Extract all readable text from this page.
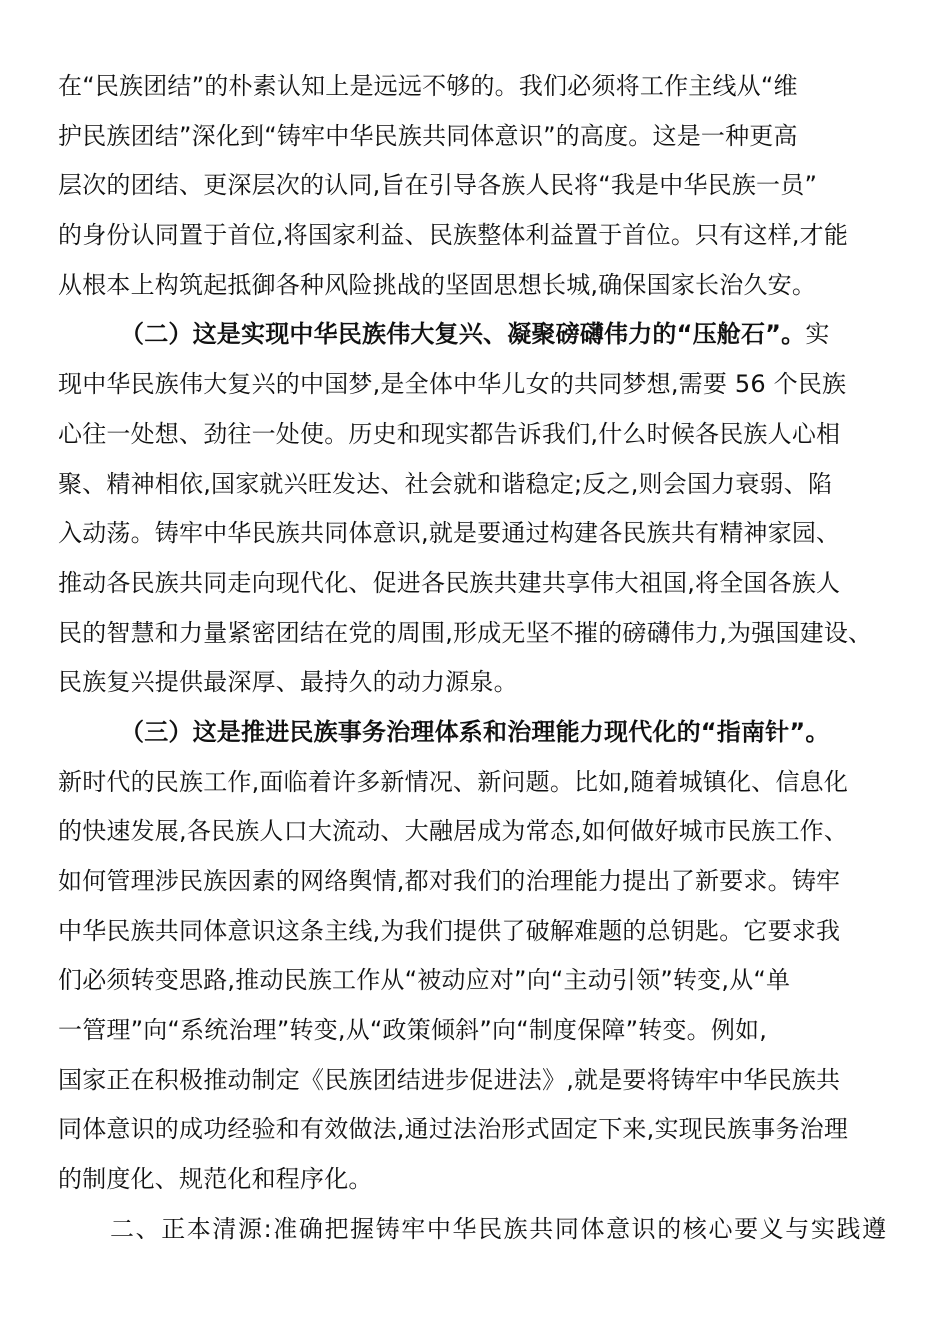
在“民族团结”的朴素认知上是远远不够的。我们必须将工作主线从“维
护民族团结”深化到“铸牢中华民族共同体意识”的高度。这是一种更高
层次的团结、更深层次的认同,旨在引导各族人民将“我是中华民族一员”
的身份认同置于首位,将国家利益、民族整体利益置于首位。只有这样,才能
从根本上构筑起抵御各种风险挑战的坚固思想长城,确保国家长治久安。
（二）这是实现中华民族伟大复兴、凝聚磅礴伟力的“压舱石”。实
现中华民族伟大复兴的中国梦,是全体中华儿女的共同梦想,需要 56 个民族
心往一处想、劲往一处使。历史和现实都告诉我们,什么时候各民族人心相
聚、精神相依,国家就兴旺发达、社会就和谐稳定;反之,则会国力衰弱、陷
入动荡。铸牢中华民族共同体意识,就是要通过构建各民族共有精神家园、
推动各民族共同走向现代化、促进各民族共建共享伟大祖国,将全国各族人
民的智慧和力量紧密团结在党的周围,形成无坚不摧的磅礴伟力,为强国建设、
民族复兴提供最深厚、最持久的动力源泉。
（三）这是推进民族事务治理体系和治理能力现代化的“指南针”。
新时代的民族工作,面临着许多新情况、新问题。比如,随着城镇化、信息化
的快速发展,各民族人口大流动、大融居成为常态,如何做好城市民族工作、
如何管理涉民族因素的网络舆情,都对我们的治理能力提出了新要求。铸牢
中华民族共同体意识这条主线,为我们提供了破解难题的总钥匙。它要求我
们必须转变思路,推动民族工作从“被动应对”向“主动引领”转变,从“单
一管理”向“系统治理”转变,从“政策倾斜”向“制度保障”转变。例如,
国家正在积极推动制定《民族团结进步促进法》,就是要将铸牢中华民族共
同体意识的成功经验和有效做法,通过法治形式固定下来,实现民族事务治理
的制度化、规范化和程序化。
二、正本清源:准确把握铸牢中华民族共同体意识的核心要义与实践遵
